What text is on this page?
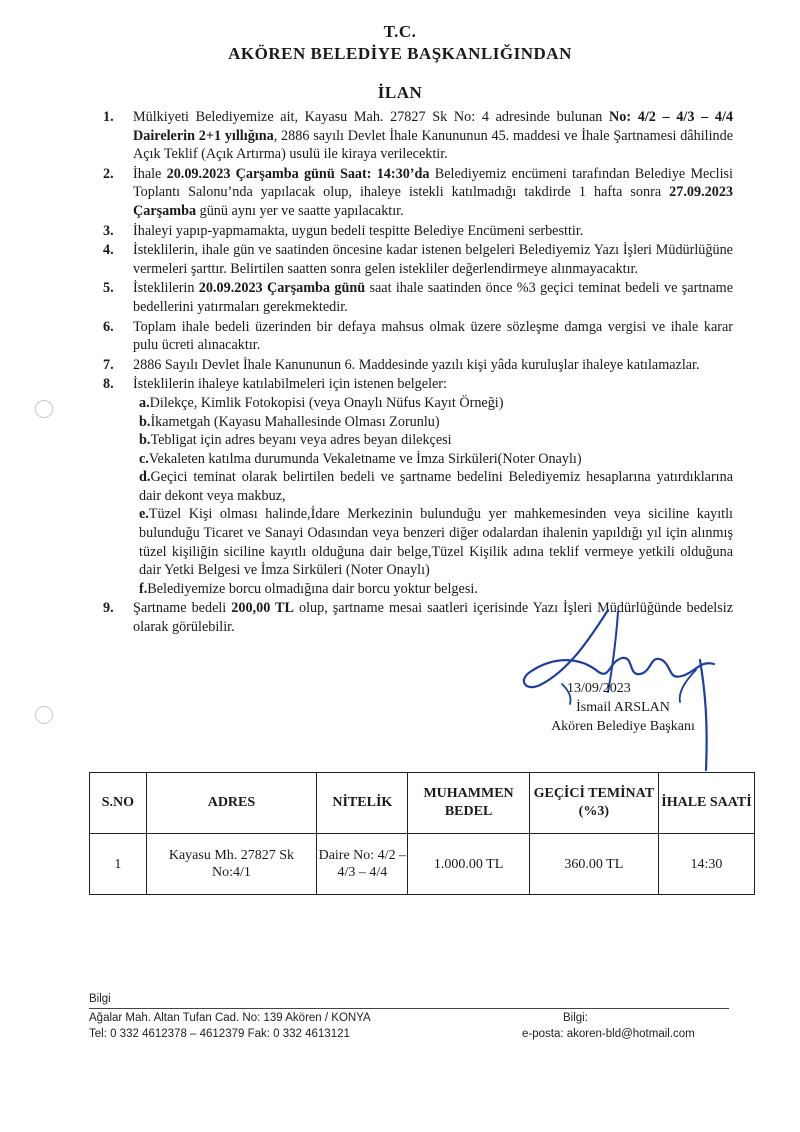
T.C.
AKÖREN BELEDİYE BAŞKANLIĞINDAN
İLAN
1. Mülkiyeti Belediyemize ait, Kayasu Mah. 27827 Sk No: 4 adresinde bulunan No: 4/2 – 4/3 – 4/4 Dairelerin 2+1 yıllığına, 2886 sayılı Devlet İhale Kanununun 45. maddesi ve İhale Şartnamesi dâhilinde Açık Teklif (Açık Artırma) usulü ile kiraya verilecektir.
2. İhale 20.09.2023 Çarşamba günü Saat: 14:30’da Belediyemiz encümeni tarafından Belediye Meclisi Toplantı Salonu’nda yapılacak olup, ihaleye istekli katılmadığı takdirde 1 hafta sonra 27.09.2023 Çarşamba günü aynı yer ve saatte yapılacaktır.
3. İhaleyi yapıp-yapmamakta, uygun bedeli tespitte Belediye Encümeni serbesttir.
4. İsteklilerin, ihale gün ve saatinden öncesine kadar istenen belgeleri Belediyemiz Yazı İşleri Müdürlüğüne vermeleri şarttır. Belirtilen saatten sonra gelen istekliler değerlendirmeye alınmayacaktır.
5. İsteklilerin 20.09.2023 Çarşamba günü saat ihale saatinden önce %3 geçici teminat bedeli ve şartname bedellerini yatırmaları gerekmektedir.
6. Toplam ihale bedeli üzerinden bir defaya mahsus olmak üzere sözleşme damga vergisi ve ihale karar pulu ücreti alınacaktır.
7. 2886 Sayılı Devlet İhale Kanununun 6. Maddesinde yazılı kişi yâda kuruluşlar ihaleye katılamazlar.
8. İsteklilerin ihaleye katılabilmeleri için istenen belgeler:
a.Dilekçe, Kimlik Fotokopisi (veya Onaylı Nüfus Kayıt Örneği)
b.İkametgah (Kayasu Mahallesinde Olması Zorunlu)
b.Tebligat için adres beyanı veya adres beyan dilekçesi
c.Vekaleten katılma durumunda Vekaletname ve İmza Sirküleri(Noter Onaylı)
d.Geçici teminat olarak belirtilen bedeli ve şartname bedelini Belediyemiz hesaplarına yatırdıklarına dair dekont veya makbuz,
e.Tüzel Kişi olması halinde,İdare Merkezinin bulunduğu yer mahkemesinden veya siciline kayıtlı bulunduğu Ticaret ve Sanayi Odasından veya benzeri diğer odalardan ihalenin yapıldığı yıl için alınmış tüzel kişiliğin siciline kayıtlı olduğuna dair belge,Tüzel Kişilik adına teklif vermeye yetkili olduğuna dair Yetki Belgesi ve İmza Sirküleri (Noter Onaylı)
f.Belediyemize borcu olmadığına dair borcu yoktur belgesi.
9. Şartname bedeli 200,00 TL olup, şartname mesai saatleri içerisinde Yazı İşleri Müdürlüğünde bedelsiz olarak görülebilir.
13/09/2023
İsmail ARSLAN
Akören Belediye Başkanı
S.NO	ADRES	NİTELİK	MUHAMMEN BEDEL	GEÇİCİ TEMİNAT (%3)	İHALE SAATİ
1	Kayasu Mh. 27827 Sk No:4/1	Daire No: 4/2 – 4/3 – 4/4	1.000.00 TL	360.00 TL	14:30
Bilgi
Ağalar Mah. Altan Tufan Cad. No: 139 Akören / KONYA
Tel: 0 332 4612378 – 4612379 Fak: 0 332 4613121
Bilgi:
e-posta: akoren-bld@hotmail.com
